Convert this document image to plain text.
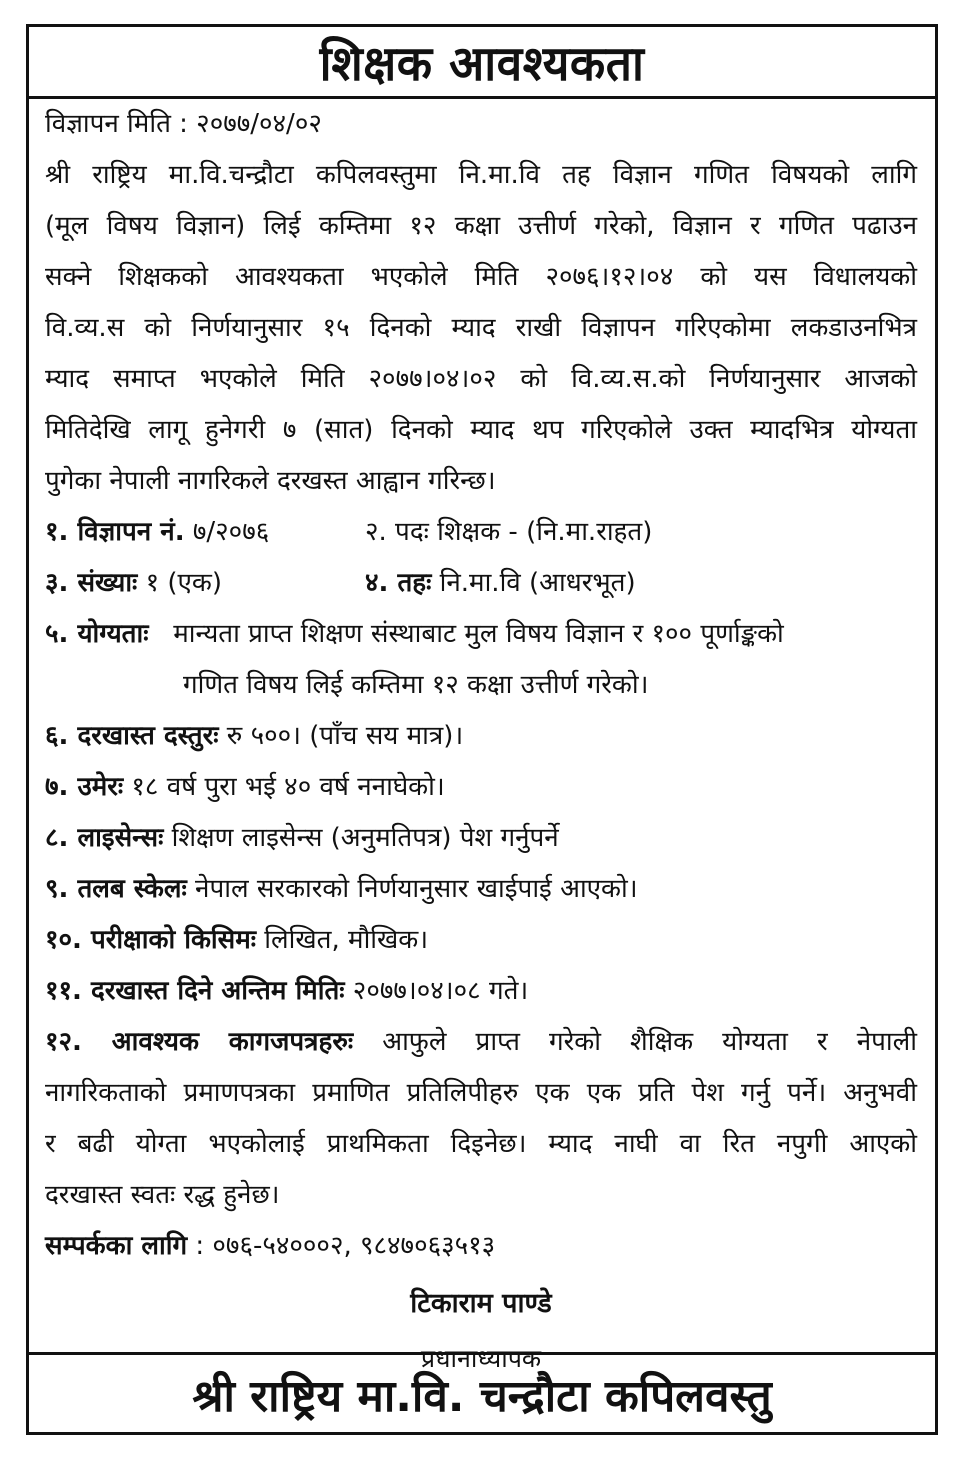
शिक्षक आवश्यकता
विज्ञापन मिति : २०७७/०४/०२
श्री राष्ट्रिय मा.वि.चन्द्रौटा कपिलवस्तुमा नि.मा.वि तह विज्ञान गणित विषयको लागि
(मूल विषय विज्ञान) लिई कम्तिमा १२ कक्षा उत्तीर्ण गरेको, विज्ञान र गणित पढाउन
सक्ने शिक्षकको आवश्यकता भएकोले मिति २०७६।१२।०४ को यस विधालयको
वि.व्य.स को निर्णयानुसार १५ दिनको म्याद राखी विज्ञापन गरिएकोमा लकडाउनभित्र
म्याद समाप्त भएकोले मिति २०७७।०४।०२ को वि.व्य.स.को निर्णयानुसार आजको
मितिदेखि लागू हुनेगरी ७ (सात) दिनको म्याद थप गरिएकोले उक्त म्यादभित्र योग्यता
पुगेका नेपाली नागरिकले दरखस्त आह्वान गरिन्छ।
१. विज्ञापन नं. ७/२०७६	२. पदः शिक्षक - (नि.मा.राहत)
३. संख्याः १ (एक)	४. तहः नि.मा.वि (आधरभूत)
५. योग्यताः   मान्यता प्राप्त शिक्षण संस्थाबाट मुल विषय विज्ञान र १०० पूर्णाङ्कको
गणित विषय लिई कम्तिमा १२ कक्षा उत्तीर्ण गरेको।
६. दरखास्त दस्तुरः रु ५००। (पाँच सय मात्र)।
७. उमेरः १८ वर्ष पुरा भई ४० वर्ष ननाघेको।
८. लाइसेन्सः शिक्षण लाइसेन्स (अनुमतिपत्र) पेश गर्नुपर्ने
९. तलब स्केलः नेपाल सरकारको निर्णयानुसार खाईपाई आएको।
१०. परीक्षाको किसिमः लिखित, मौखिक।
११. दरखास्त दिने अन्तिम मितिः २०७७।०४।०८ गते।
१२. आवश्यक कागजपत्रहरुः आफुले प्राप्त गरेको शैक्षिक योग्यता र नेपाली
नागरिकताको प्रमाणपत्रका प्रमाणित प्रतिलिपीहरु एक एक प्रति पेश गर्नु पर्ने। अनुभवी
र बढी योग्ता भएकोलाई प्राथमिकता दिइनेछ। म्याद नाघी वा रित नपुगी आएको
दरखास्त स्वतः रद्ध हुनेछ।
सम्पर्कका लागि : ०७६-५४०००२, ९८४७०६३५१३
टिकाराम पाण्डे
प्रधानाध्यापक
श्री राष्ट्रिय मा.वि. चन्द्रौटा कपिलवस्तु
